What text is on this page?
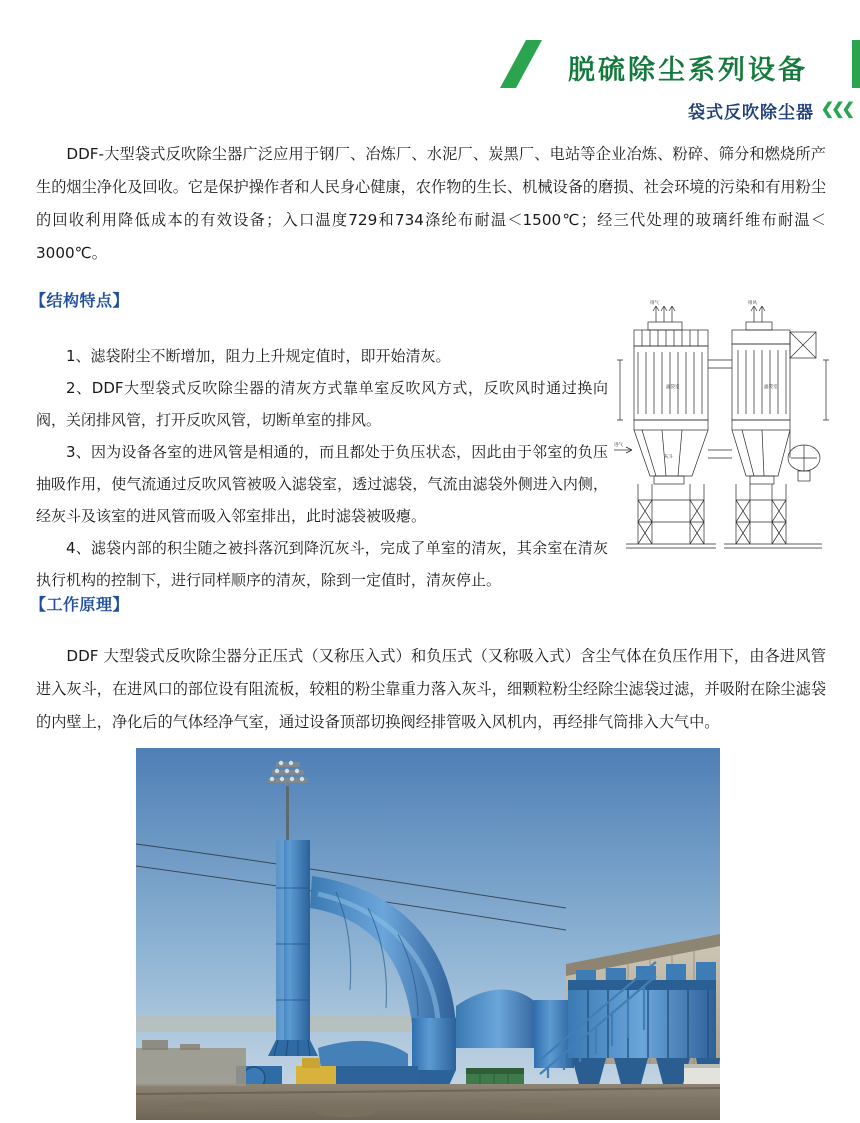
脱硫除尘系列设备
袋式反吹除尘器 ❮❮❮
DDF-大型袋式反吹除尘器广泛应用于钢厂、冶炼厂、水泥厂、炭黑厂、电站等企业冶炼、粉碎、筛分和燃烧所产生的烟尘净化及回收。它是保护操作者和人民身心健康，农作物的生长、机械设备的磨损、社会环境的污染和有用粉尘的回收利用降低成本的有效设备；入口温度729和734涤纶布耐温＜1500℃；经三代处理的玻璃纤维布耐温＜3000℃。
【结构特点】

1、滤袋附尘不断增加，阻力上升规定值时，即开始清灰。

2、DDF大型袋式反吹除尘器的清灰方式靠单室反吹风方式，反吹风时通过换向阀，关闭排风管，打开反吹风管，切断单室的排风。

3、因为设备各室的进风管是相通的，而且都处于负压状态，因此由于邻室的负压抽吸作用，使气流通过反吹风管被吸入滤袋室，透过滤袋，气流由滤袋外侧进入内侧，经灰斗及该室的进风管而吸入邻室排出，此时滤袋被吸瘪。

4、滤袋内部的积尘随之被抖落沉到降沉灰斗，完成了单室的清灰，其余室在清灰执行机构的控制下，进行同样顺序的清灰，除到一定值时，清灰停止。

排气	排风
进气
滤袋室	滤袋室
灰斗
【工作原理】
DDF 大型袋式反吹除尘器分正压式（又称压入式）和负压式（又称吸入式）含尘气体在负压作用下，由各进风管进入灰斗，在进风口的部位设有阻流板，较粗的粉尘靠重力落入灰斗，细颗粒粉尘经除尘滤袋过滤，并吸附在除尘滤袋的内壁上，净化后的气体经净气室，通过设备顶部切换阀经排管吸入风机内，再经排气筒排入大气中。
